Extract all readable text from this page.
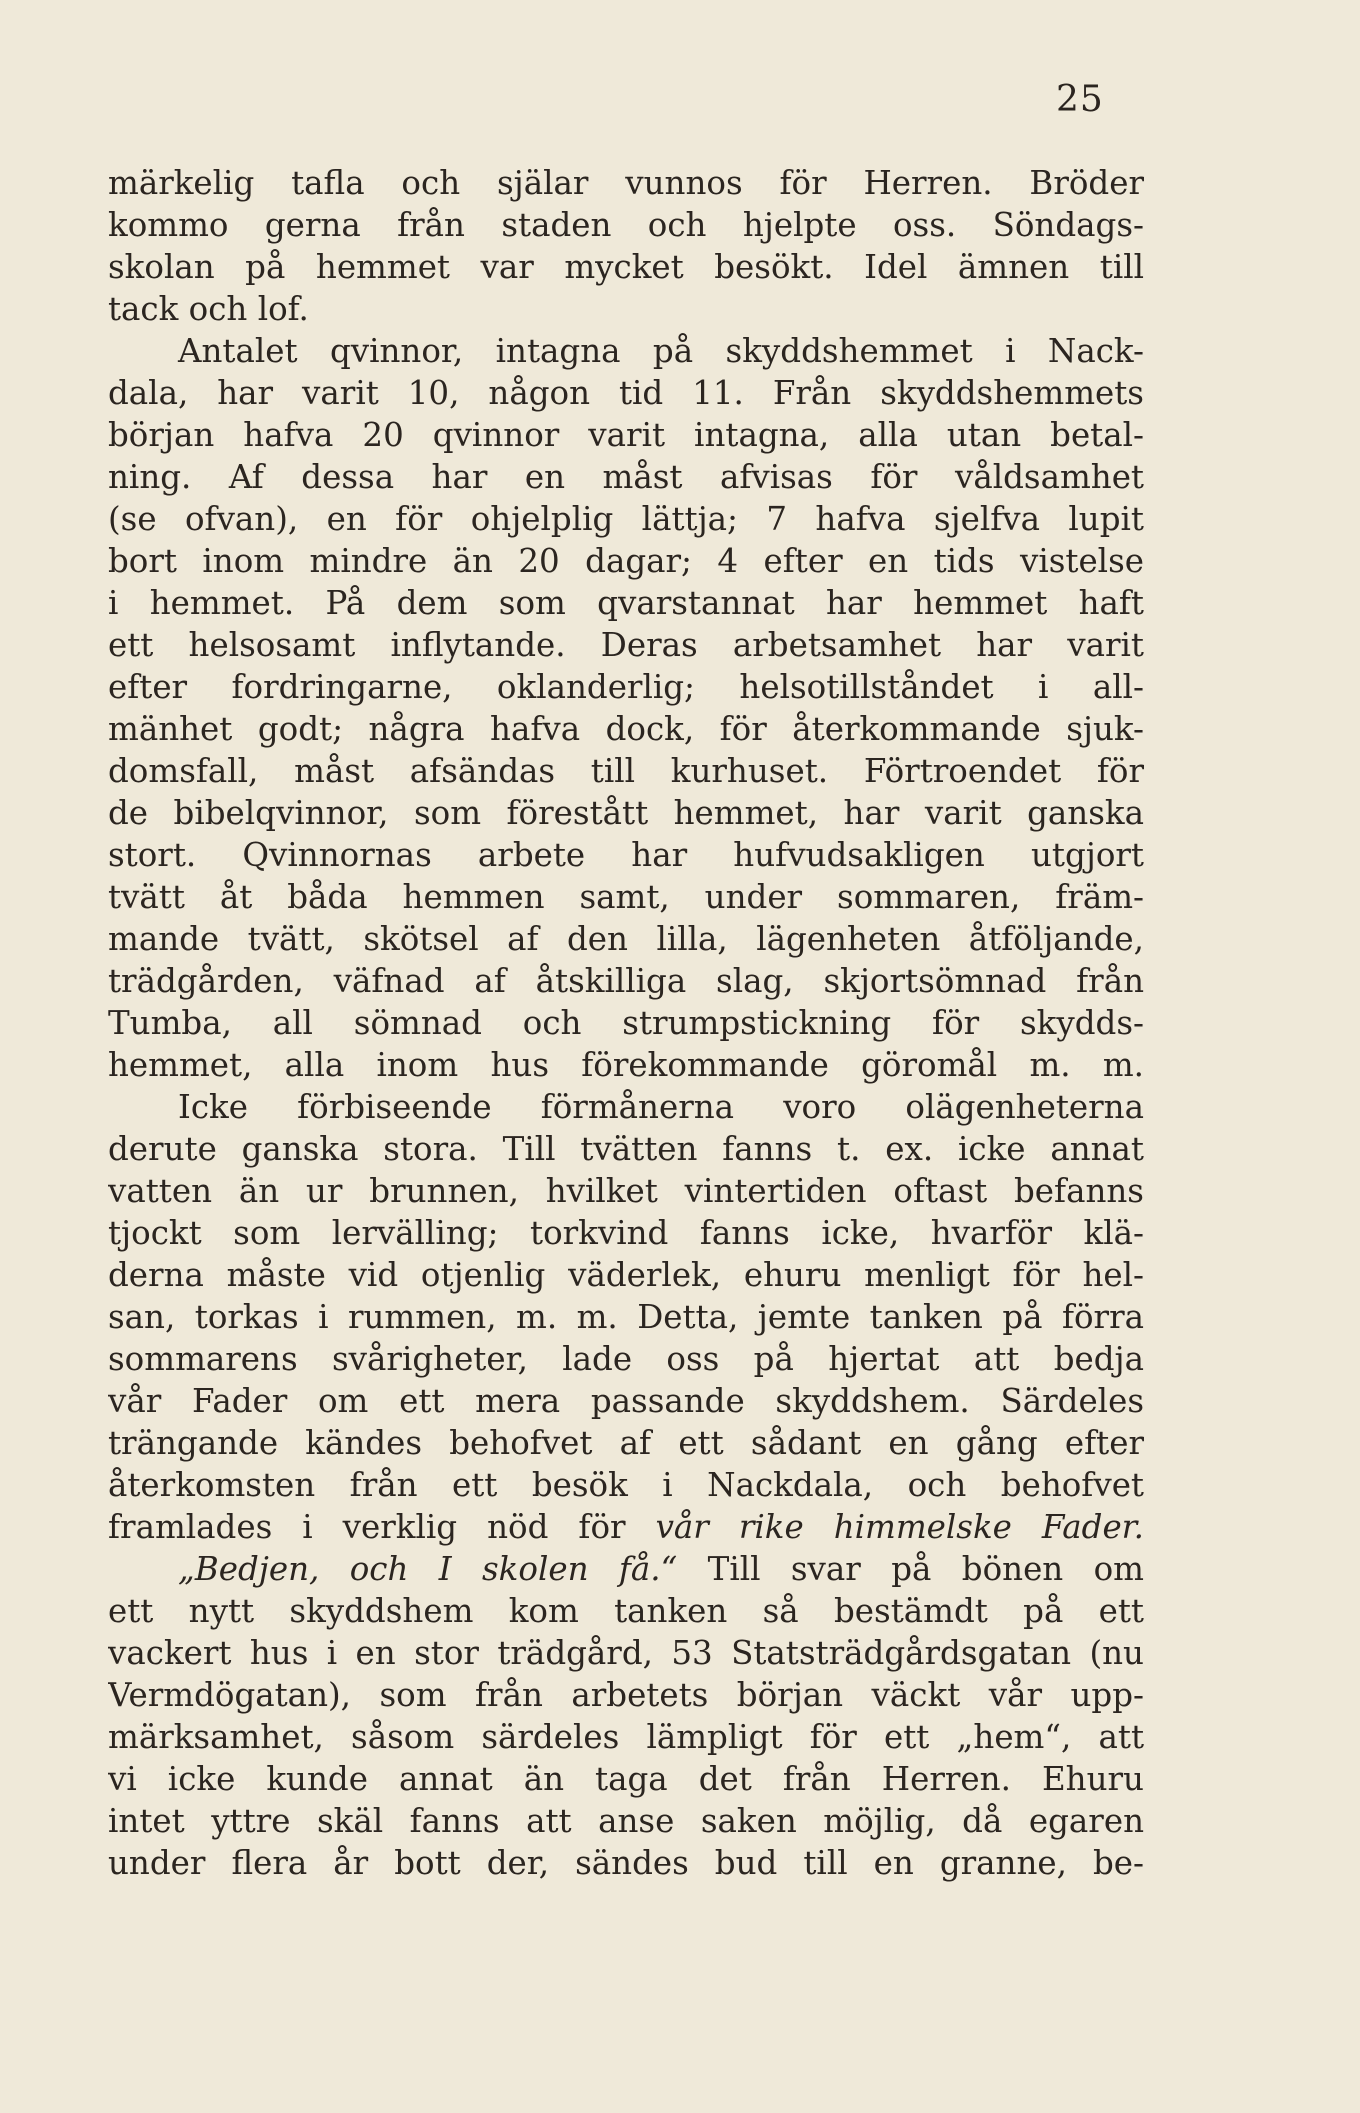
25
märkelig tafla och själar vunnos för Herren. Bröder
kommo gerna från staden och hjelpte oss. Söndags-
skolan på hemmet var mycket besökt. Idel ämnen till
tack och lof.
Antalet qvinnor, intagna på skyddshemmet i Nack-
dala, har varit 10, någon tid 11. Från skyddshemmets
början hafva 20 qvinnor varit intagna, alla utan betal-
ning. Af dessa har en måst afvisas för våldsamhet
(se ofvan), en för ohjelplig lättja; 7 hafva sjelfva lupit
bort inom mindre än 20 dagar; 4 efter en tids vistelse
i hemmet. På dem som qvarstannat har hemmet haft
ett helsosamt inflytande. Deras arbetsamhet har varit
efter fordringarne, oklanderlig; helsotillståndet i all-
mänhet godt; några hafva dock, för återkommande sjuk-
domsfall, måst afsändas till kurhuset. Förtroendet för
de bibelqvinnor, som förestått hemmet, har varit ganska
stort. Qvinnornas arbete har hufvudsakligen utgjort
tvätt åt båda hemmen samt, under sommaren, främ-
mande tvätt, skötsel af den lilla, lägenheten åtföljande,
trädgården, väfnad af åtskilliga slag, skjortsömnad från
Tumba, all sömnad och strumpstickning för skydds-
hemmet, alla inom hus förekommande göromål m. m.
Icke förbiseende förmånerna voro olägenheterna
derute ganska stora. Till tvätten fanns t. ex. icke annat
vatten än ur brunnen, hvilket vintertiden oftast befanns
tjockt som lervälling; torkvind fanns icke, hvarför klä-
derna måste vid otjenlig väderlek, ehuru menligt för hel-
san, torkas i rummen, m. m. Detta, jemte tanken på förra
sommarens svårigheter, lade oss på hjertat att bedja
vår Fader om ett mera passande skyddshem. Särdeles
trängande kändes behofvet af ett sådant en gång efter
återkomsten från ett besök i Nackdala, och behofvet
framlades i verklig nöd för vår rike himmelske Fader.
„Bedjen, och I skolen få.“ Till svar på bönen om
ett nytt skyddshem kom tanken så bestämdt på ett
vackert hus i en stor trädgård, 53 Statsträdgårdsgatan (nu
Vermdögatan), som från arbetets början väckt vår upp-
märksamhet, såsom särdeles lämpligt för ett „hem“, att
vi icke kunde annat än taga det från Herren. Ehuru
intet yttre skäl fanns att anse saken möjlig, då egaren
under flera år bott der, sändes bud till en granne, be-
